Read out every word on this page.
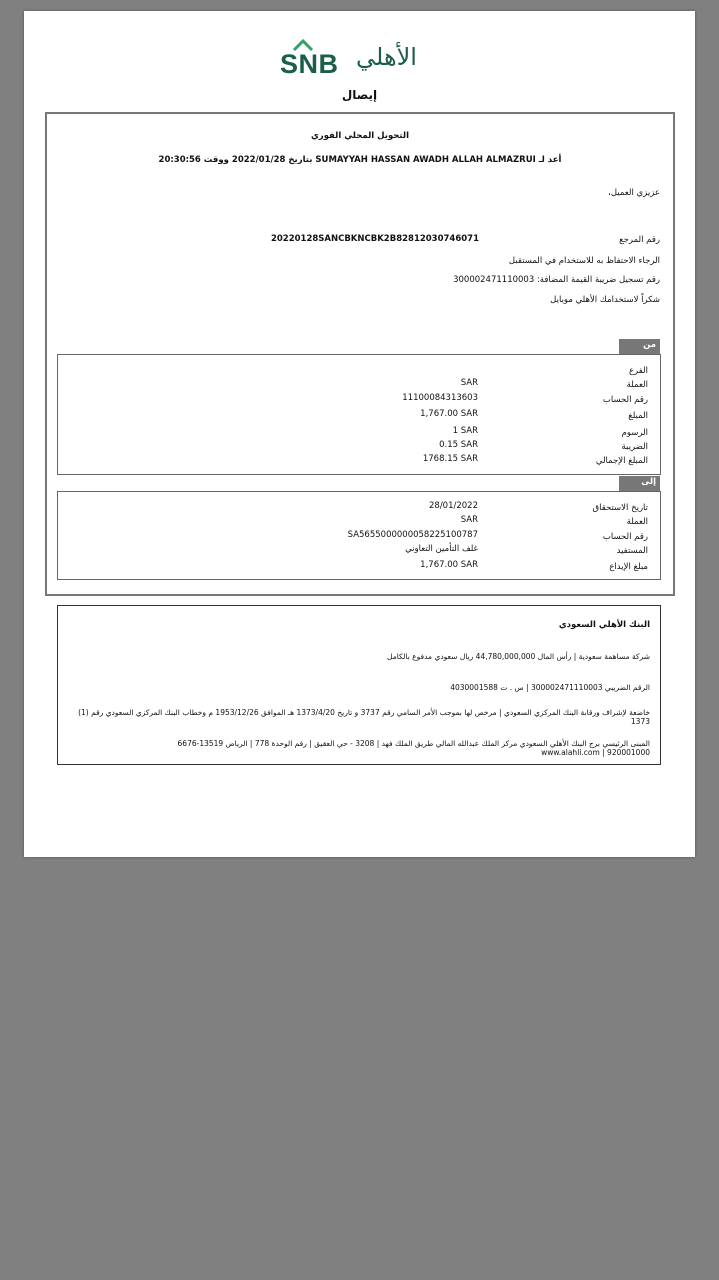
SNB الأهلي
إيصال
التحويل المحلي الفوري
أعد لـ SUMAYYAH HASSAN AWADH ALLAH ALMAZRUI بتاريخ 2022/01/28 ووقت 20:30:56
عزيزي العميل،
رقم المرجع
20220128SANCBKNCBK2B82812030746071
الرجاء الاحتفاظ به للاستخدام في المستقبل
رقم تسجيل ضريبة القيمة المضافة: 300002471110003
شكراً لاستخدامك الأهلي موبايل
من
الفرع
العملة
SAR
رقم الحساب
11100084313603
المبلغ
1,767.00 SAR
الرسوم
1 SAR
الضريبة
0.15 SAR
المبلغ الإجمالي
1768.15 SAR
إلى
تاريخ الاستحقاق
28/01/2022
العملة
SAR
رقم الحساب
SA5655000000058225100787
المستفيد
غلف التأمين التعاوني
مبلغ الإيداع
1,767.00 SAR
البنك الأهلي السعودي
شركة مساهمة سعودية | رأس المال 44,780,000,000 ريال سعودي مدفوع بالكامل
الرقم الضريبي 300002471110003 | س . ت 4030001588
خاضعة لإشراف ورقابة البنك المركزي السعودي | مرخص لها بموجب الأمر السامي رقم 3737 و تاريخ 1373/4/20 هـ الموافق 1953/12/26 م وخطاب البنك المركزي السعودي رقم (1) 1373
المبنى الرئيسي برج البنك الأهلي السعودي مركز الملك عبدالله المالي طريق الملك فهد | 3208 - حي العقيق | رقم الوحدة 778 | الرياض 13519-6676
www.alahli.com | 920001000
